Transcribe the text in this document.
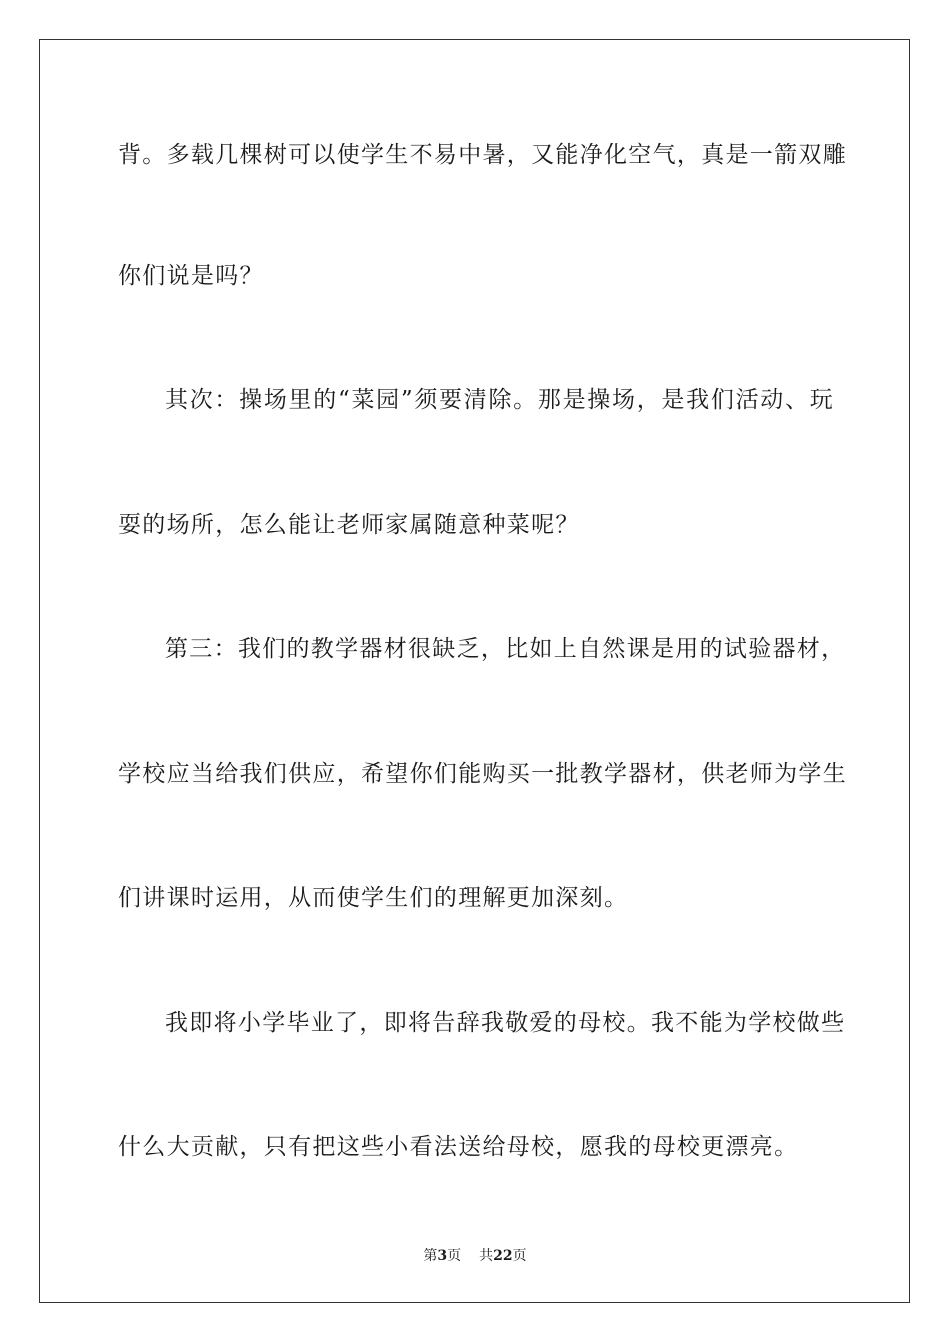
背。多载几棵树可以使学生不易中暑，又能净化空气，真是一箭双雕
你们说是吗？
其次：操场里的“菜园”须要清除。那是操场，是我们活动、玩
耍的场所，怎么能让老师家属随意种菜呢？
第三：我们的教学器材很缺乏，比如上自然课是用的试验器材，
学校应当给我们供应，希望你们能购买一批教学器材，供老师为学生
们讲课时运用，从而使学生们的理解更加深刻。
我即将小学毕业了，即将告辞我敬爱的母校。我不能为学校做些
什么大贡献，只有把这些小看法送给母校，愿我的母校更漂亮。
第3页 共22页
